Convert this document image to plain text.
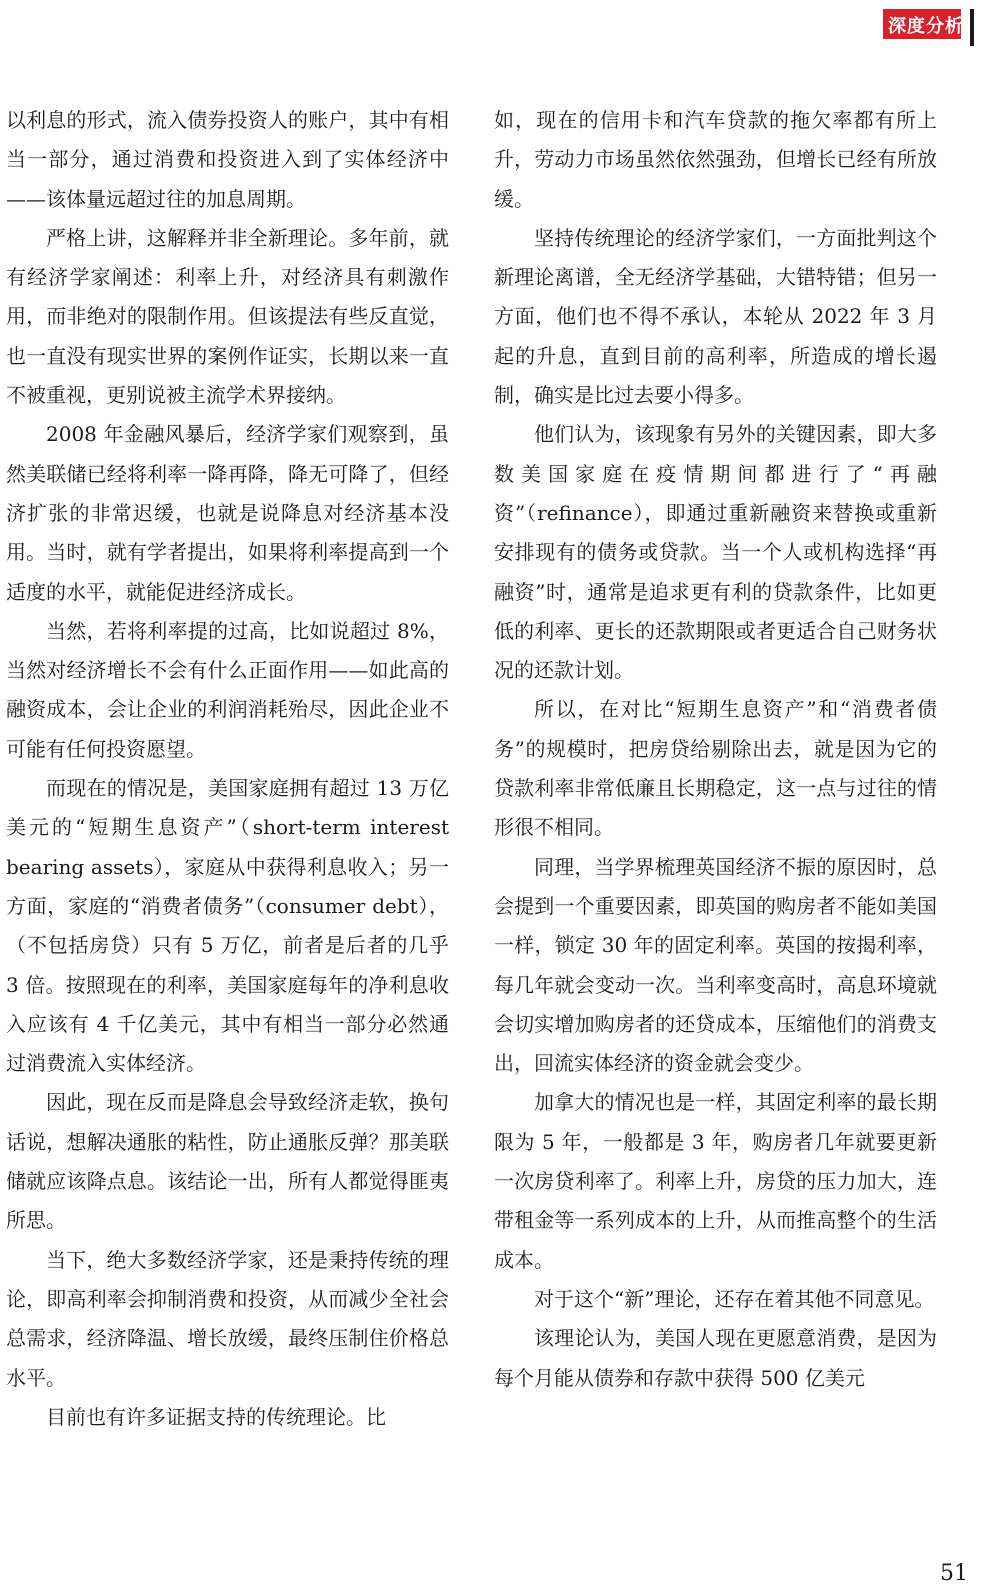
深度分析

以利息的形式，流入债券投资人的账户，其中有相当一部分，通过消费和投资进入到了实体经济中——该体量远超过往的加息周期。

严格上讲，这解释并非全新理论。多年前，就有经济学家阐述：利率上升，对经济具有刺激作用，而非绝对的限制作用。但该提法有些反直觉，也一直没有现实世界的案例作证实，长期以来一直不被重视，更别说被主流学术界接纳。

2008 年金融风暴后，经济学家们观察到，虽然美联储已经将利率一降再降，降无可降了，但经济扩张的非常迟缓，也就是说降息对经济基本没用。当时，就有学者提出，如果将利率提高到一个适度的水平，就能促进经济成长。

当然，若将利率提的过高，比如说超过 8%，当然对经济增长不会有什么正面作用——如此高的融资成本，会让企业的利润消耗殆尽，因此企业不可能有任何投资愿望。

而现在的情况是，美国家庭拥有超过 13 万亿美元的“短期生息资产”（short-term interest bearing assets），家庭从中获得利息收入；另一方面，家庭的“消费者债务”（consumer debt），（不包括房贷）只有 5 万亿，前者是后者的几乎 3 倍。按照现在的利率，美国家庭每年的净利息收入应该有 4 千亿美元，其中有相当一部分必然通过消费流入实体经济。

因此，现在反而是降息会导致经济走软，换句话说，想解决通胀的粘性，防止通胀反弹？那美联储就应该降点息。该结论一出，所有人都觉得匪夷所思。

当下，绝大多数经济学家，还是秉持传统的理论，即高利率会抑制消费和投资，从而减少全社会总需求，经济降温、增长放缓，最终压制住价格总水平。

目前也有许多证据支持的传统理论。比

如，现在的信用卡和汽车贷款的拖欠率都有所上升，劳动力市场虽然依然强劲，但增长已经有所放缓。

坚持传统理论的经济学家们，一方面批判这个新理论离谱，全无经济学基础，大错特错；但另一方面，他们也不得不承认，本轮从 2022 年 3 月起的升息，直到目前的高利率，所造成的增长遏制，确实是比过去要小得多。

他们认为，该现象有另外的关键因素，即大多数美国家庭在疫情期间都进行了“再融资”（refinance），即通过重新融资来替换或重新安排现有的债务或贷款。当一个人或机构选择“再融资”时，通常是追求更有利的贷款条件，比如更低的利率、更长的还款期限或者更适合自己财务状况的还款计划。

所以，在对比“短期生息资产”和“消费者债务”的规模时，把房贷给剔除出去，就是因为它的贷款利率非常低廉且长期稳定，这一点与过往的情形很不相同。

同理，当学界梳理英国经济不振的原因时，总会提到一个重要因素，即英国的购房者不能如美国一样，锁定 30 年的固定利率。英国的按揭利率，每几年就会变动一次。当利率变高时，高息环境就会切实增加购房者的还贷成本，压缩他们的消费支出，回流实体经济的资金就会变少。

加拿大的情况也是一样，其固定利率的最长期限为 5 年，一般都是 3 年，购房者几年就要更新一次房贷利率了。利率上升，房贷的压力加大，连带租金等一系列成本的上升，从而推高整个的生活成本。

对于这个“新”理论，还存在着其他不同意见。

该理论认为，美国人现在更愿意消费，是因为每个月能从债券和存款中获得 500 亿美元

51
